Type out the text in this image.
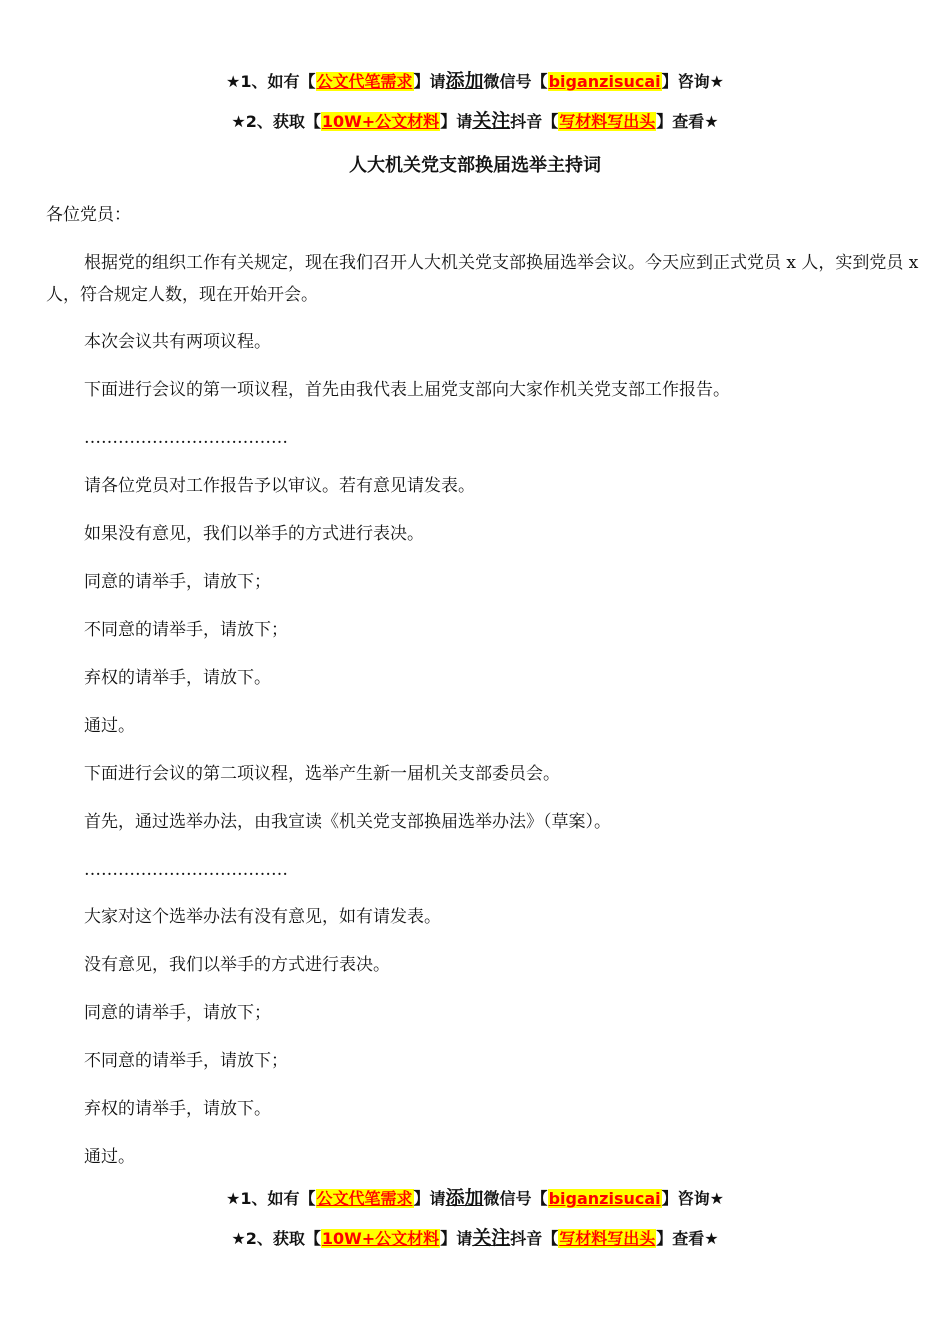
★1、如有【公文代笔需求】请添加微信号【biganzisucai】咨询★
★2、获取【10W+公文材料】请关注抖音【写材料写出头】查看★
人大机关党支部换届选举主持词
各位党员：
根据党的组织工作有关规定，现在我们召开人大机关党支部换届选举会议。今天应到正式党员 x 人，实到党员 x 人，符合规定人数，现在开始开会。
本次会议共有两项议程。
下面进行会议的第一项议程，首先由我代表上届党支部向大家作机关党支部工作报告。
………………………………
请各位党员对工作报告予以审议。若有意见请发表。
如果没有意见，我们以举手的方式进行表决。
同意的请举手，请放下；
不同意的请举手，请放下；
弃权的请举手，请放下。
通过。
下面进行会议的第二项议程，选举产生新一届机关支部委员会。
首先，通过选举办法，由我宣读《机关党支部换届选举办法》（草案）。
………………………………
大家对这个选举办法有没有意见，如有请发表。
没有意见，我们以举手的方式进行表决。
同意的请举手，请放下；
不同意的请举手，请放下；
弃权的请举手，请放下。
通过。
★1、如有【公文代笔需求】请添加微信号【biganzisucai】咨询★
★2、获取【10W+公文材料】请关注抖音【写材料写出头】查看★
